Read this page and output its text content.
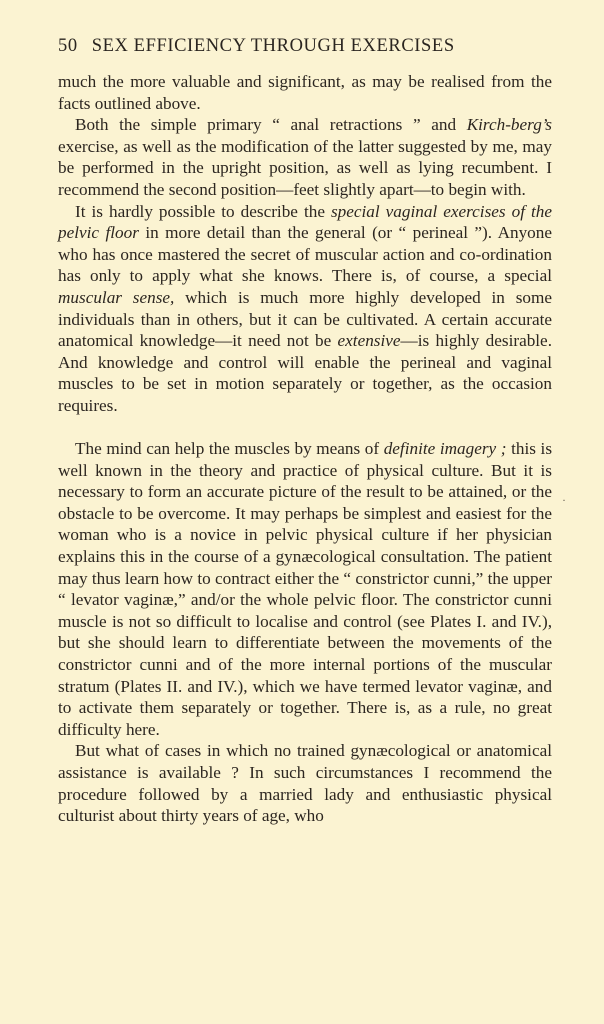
50 SEX EFFICIENCY THROUGH EXERCISES

much the more valuable and significant, as may be realised from the facts outlined above.

Both the simple primary “ anal retractions ” and Kirch-berg’s exercise, as well as the modification of the latter suggested by me, may be performed in the upright position, as well as lying recumbent. I recommend the second position—feet slightly apart—to begin with.

It is hardly possible to describe the special vaginal exercises of the pelvic floor in more detail than the general (or “ perineal ”). Anyone who has once mastered the secret of muscular action and co-ordination has only to apply what she knows. There is, of course, a special muscular sense, which is much more highly developed in some individuals than in others, but it can be cultivated. A certain accurate anatomical knowledge—it need not be extensive—is highly desirable. And knowledge and control will enable the perineal and vaginal muscles to be set in motion separately or together, as the occasion requires.

The mind can help the muscles by means of definite imagery ; this is well known in the theory and practice of physical culture. But it is necessary to form an accurate picture of the result to be attained, or the obstacle to be overcome. It may perhaps be simplest and easiest for the woman who is a novice in pelvic physical culture if her physician explains this in the course of a gynæcological consultation. The patient may thus learn how to contract either the “ constrictor cunni,” the upper “ levator vaginæ,” and/or the whole pelvic floor. The constrictor cunni muscle is not so difficult to localise and control (see Plates I. and IV.), but she should learn to differentiate between the movements of the constrictor cunni and of the more internal portions of the muscular stratum (Plates II. and IV.), which we have termed levator vaginæ, and to activate them separately or together. There is, as a rule, no great difficulty here.

But what of cases in which no trained gynæcological or anatomical assistance is available ? In such circumstances I recommend the procedure followed by a married lady and enthusiastic physical culturist about thirty years of age, who

·
